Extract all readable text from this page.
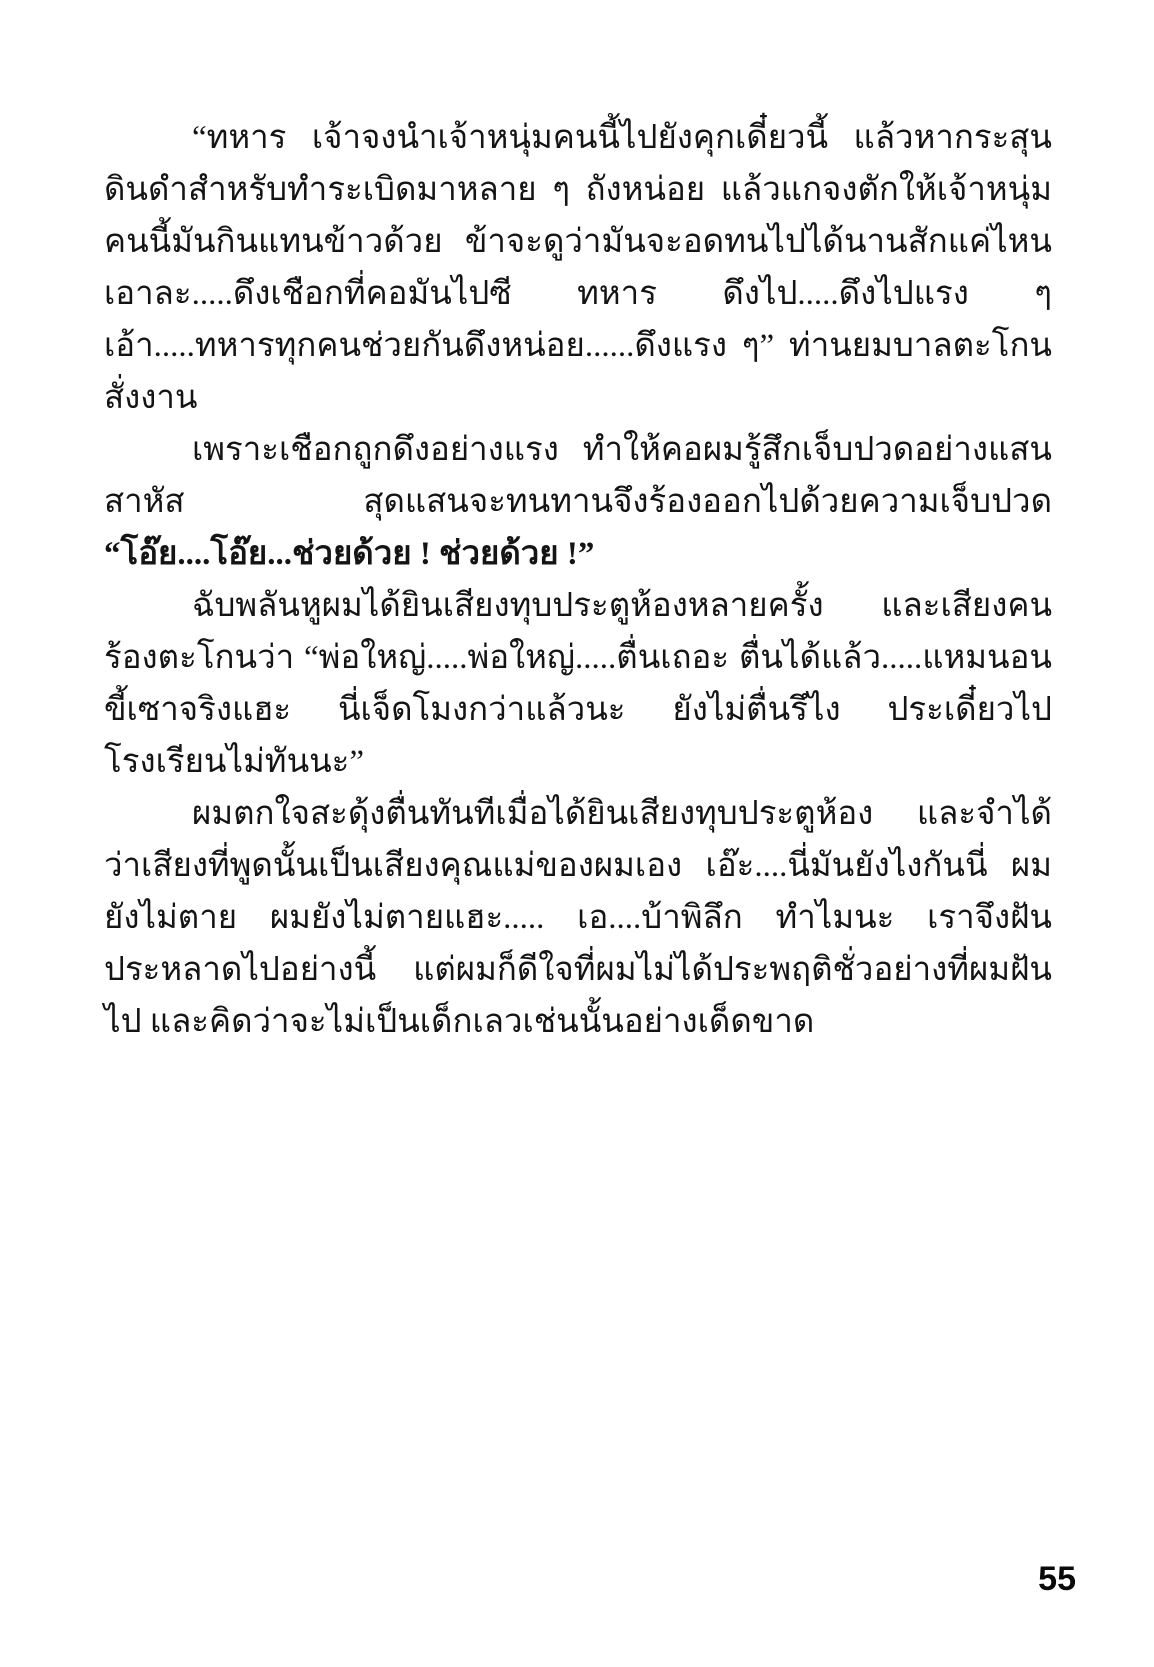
“ทหาร เจ้าจงนำเจ้าหนุ่มคนนี้ไปยังคุกเดี๋ยวนี้ แล้วหากระสุนดินดำสำหรับทำระเบิดมาหลาย ๆ ถังหน่อย แล้วแกจงตักให้เจ้าหนุ่มคนนี้มันกินแทนข้าวด้วย ข้าจะดูว่ามันจะอดทนไปได้นานสักแค่ไหน เอาละ.....ดึงเชือกที่คอมันไปซี ทหาร ดึงไป.....ดึงไปแรง ๆ เอ้า.....ทหารทุกคนช่วยกันดึงหน่อย......ดึงแรง ๆ” ท่านยมบาลตะโกนสั่งงาน

เพราะเชือกถูกดึงอย่างแรง ทำให้คอผมรู้สึกเจ็บปวดอย่างแสนสาหัส สุดแสนจะทนทานจึงร้องออกไปด้วยความเจ็บปวด “โอ๊ย....โอ๊ย...ช่วยด้วย ! ช่วยด้วย !”

ฉับพลันหูผมได้ยินเสียงทุบประตูห้องหลายครั้ง และเสียงคนร้องตะโกนว่า “พ่อใหญ่.....พ่อใหญ่.....ตื่นเถอะ ตื่นได้แล้ว.....แหมนอนขี้เซาจริงแฮะ นี่เจ็ดโมงกว่าแล้วนะ ยังไม่ตื่นรึไง ประเดี๋ยวไปโรงเรียนไม่ทันนะ”

ผมตกใจสะดุ้งตื่นทันทีเมื่อได้ยินเสียงทุบประตูห้อง และจำได้ว่าเสียงที่พูดนั้นเป็นเสียงคุณแม่ของผมเอง เอ๊ะ....นี่มันยังไงกันนี่ ผมยังไม่ตาย ผมยังไม่ตายแฮะ..... เอ....บ้าพิลึก ทำไมนะ เราจึงฝันประหลาดไปอย่างนี้ แต่ผมก็ดีใจที่ผมไม่ได้ประพฤติชั่วอย่างที่ผมฝันไป และคิดว่าจะไม่เป็นเด็กเลวเช่นนั้นอย่างเด็ดขาด

55
